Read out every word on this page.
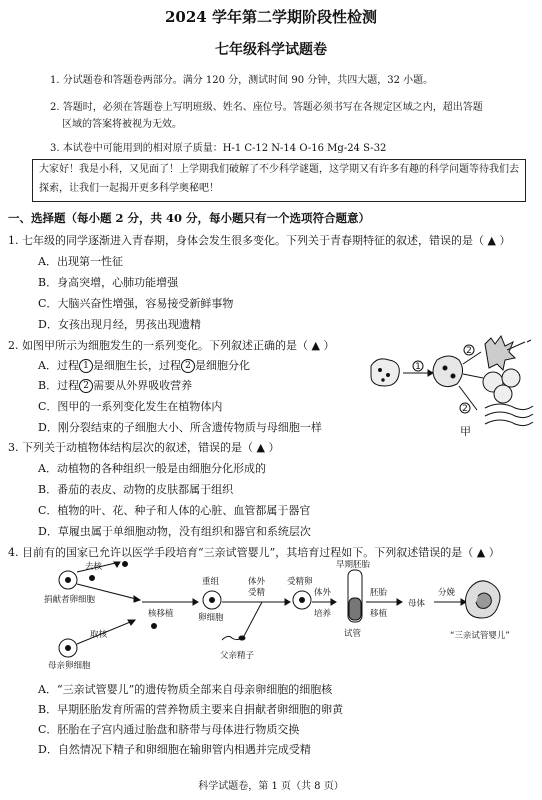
2024 学年第二学期阶段性检测
七年级科学试题卷
1. 分试题卷和答题卷两部分。满分 120 分，测试时间 90 分钟，共四大题，32 小题。
2. 答题时，必须在答题卷上写明班级、姓名、座位号。答题必须书写在各规定区域之内，超出答题
区域的答案将被视为无效。
3. 本试卷中可能用到的相对原子质量：H-1 C-12 N-14 O-16 Mg-24 S-32
大家好！我是小科，又见面了！上学期我们破解了不少科学谜题，这学期又有许多有趣的科学问题等待我们去
探索，让我们一起揭开更多科学奥秘吧！
一、选择题（每小题 2 分，共 40 分，每小题只有一个选项符合题意）
1. 七年级的同学逐渐进入青春期，身体会发生很多变化。下列关于青春期特征的叙述，错误的是（ ▲ ）
A．出现第一性征
B．身高突增，心肺功能增强
C．大脑兴奋性增强，容易接受新鲜事物
D．女孩出现月经，男孩出现遗精
2. 如图甲所示为细胞发生的一系列变化。下列叙述正确的是（ ▲ ）
A．过程 1 是细胞生长，过程 2 是细胞分化
B．过程 2 需要从外界吸收营养
C．图甲的一系列变化发生在植物体内
D．刚分裂结束的子细胞大小、所含遗传物质与母细胞一样
1
2
2
甲
3. 下列关于动植物体结构层次的叙述，错误的是（ ▲ ）
A．动植物的各种组织一般是由细胞分化形成的
B．番茄的表皮、动物的皮肤都属于组织
C．植物的叶、花、种子和人体的心脏、血管都属于器官
D．草履虫属于单细胞动物，没有组织和器官和系统层次
4. 目前有的国家已允许以医学手段培育“三亲试管婴儿”，其培育过程如下。下列叙述错误的是（ ▲ ）
去核
捐献者卵细胞
取核
母亲卵细胞
核移植
重组
卵细胞
体外
受精
受精卵
体外
培养
早期胚胎
胚胎
移植
试管
母体
分娩
“三亲试管婴儿”
父亲精子
A．“三亲试管婴儿”的遗传物质全部来自母亲卵细胞的细胞核
B．早期胚胎发育所需的营养物质主要来自捐献者卵细胞的卵黄
C．胚胎在子宫内通过胎盘和脐带与母体进行物质交换
D．自然情况下精子和卵细胞在输卵管内相遇并完成受精
科学试题卷，第 1 页（共 8 页）
